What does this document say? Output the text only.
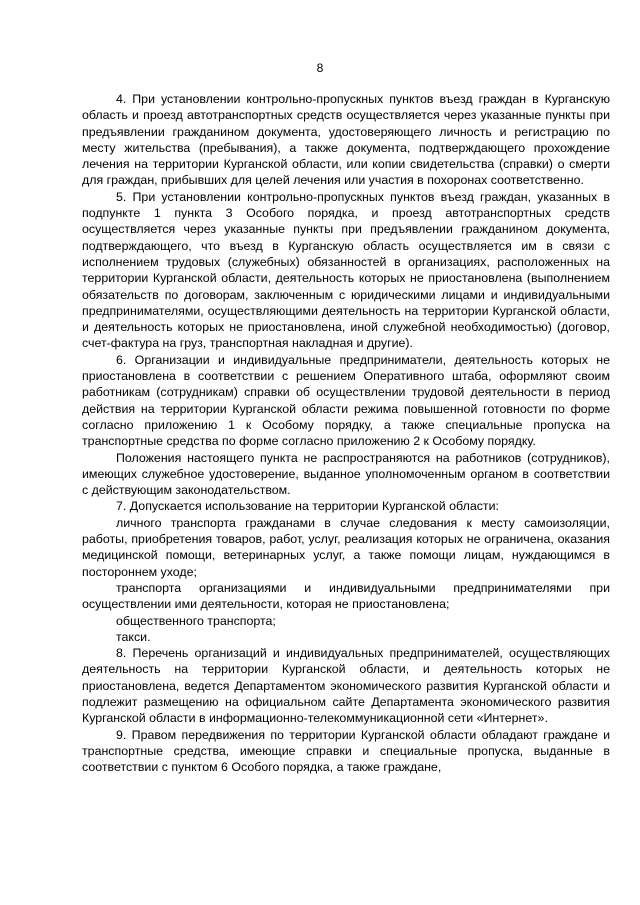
8

4. При установлении контрольно-пропускных пунктов въезд граждан в Курганскую область и проезд автотранспортных средств осуществляется через указанные пункты при предъявлении гражданином документа, удостоверяющего личность и регистрацию по месту жительства (пребывания), а также документа, подтверждающего прохождение лечения на территории Курганской области, или копии свидетельства (справки) о смерти для граждан, прибывших для целей лечения или участия в похоронах соответственно.

5. При установлении контрольно-пропускных пунктов въезд граждан, указанных в подпункте 1 пункта 3 Особого порядка, и проезд автотранспортных средств осуществляется через указанные пункты при предъявлении гражданином документа, подтверждающего, что въезд в Курганскую область осуществляется им в связи с исполнением трудовых (служебных) обязанностей в организациях, расположенных на территории Курганской области, деятельность которых не приостановлена (выполнением обязательств по договорам, заключенным с юридическими лицами и индивидуальными предпринимателями, осуществляющими деятельность на территории Курганской области, и деятельность которых не приостановлена, иной служебной необходимостью) (договор, счет-фактура на груз, транспортная накладная и другие).

6. Организации и индивидуальные предприниматели, деятельность которых не приостановлена в соответствии с решением Оперативного штаба, оформляют своим работникам (сотрудникам) справки об осуществлении трудовой деятельности в период действия на территории Курганской области режима повышенной готовности по форме согласно приложению 1 к Особому порядку, а также специальные пропуска на транспортные средства по форме согласно приложению 2 к Особому порядку.

Положения настоящего пункта не распространяются на работников (сотрудников), имеющих служебное удостоверение, выданное уполномоченным органом в соответствии с действующим законодательством.

7. Допускается использование на территории Курганской области:

личного транспорта гражданами в случае следования к месту самоизоляции, работы, приобретения товаров, работ, услуг, реализация которых не ограничена, оказания медицинской помощи, ветеринарных услуг, а также помощи лицам, нуждающимся в постороннем уходе;

транспорта организациями и индивидуальными предпринимателями при осуществлении ими деятельности, которая не приостановлена;

общественного транспорта;

такси.

8. Перечень организаций и индивидуальных предпринимателей, осуществляющих деятельность на территории Курганской области, и деятельность которых не приостановлена, ведется Департаментом экономического развития Курганской области и подлежит размещению на официальном сайте Департамента экономического развития Курганской области в информационно-телекоммуникационной сети «Интернет».

9. Правом передвижения по территории Курганской области обладают граждане и транспортные средства, имеющие справки и специальные пропуска, выданные в соответствии с пунктом 6 Особого порядка, а также граждане,
